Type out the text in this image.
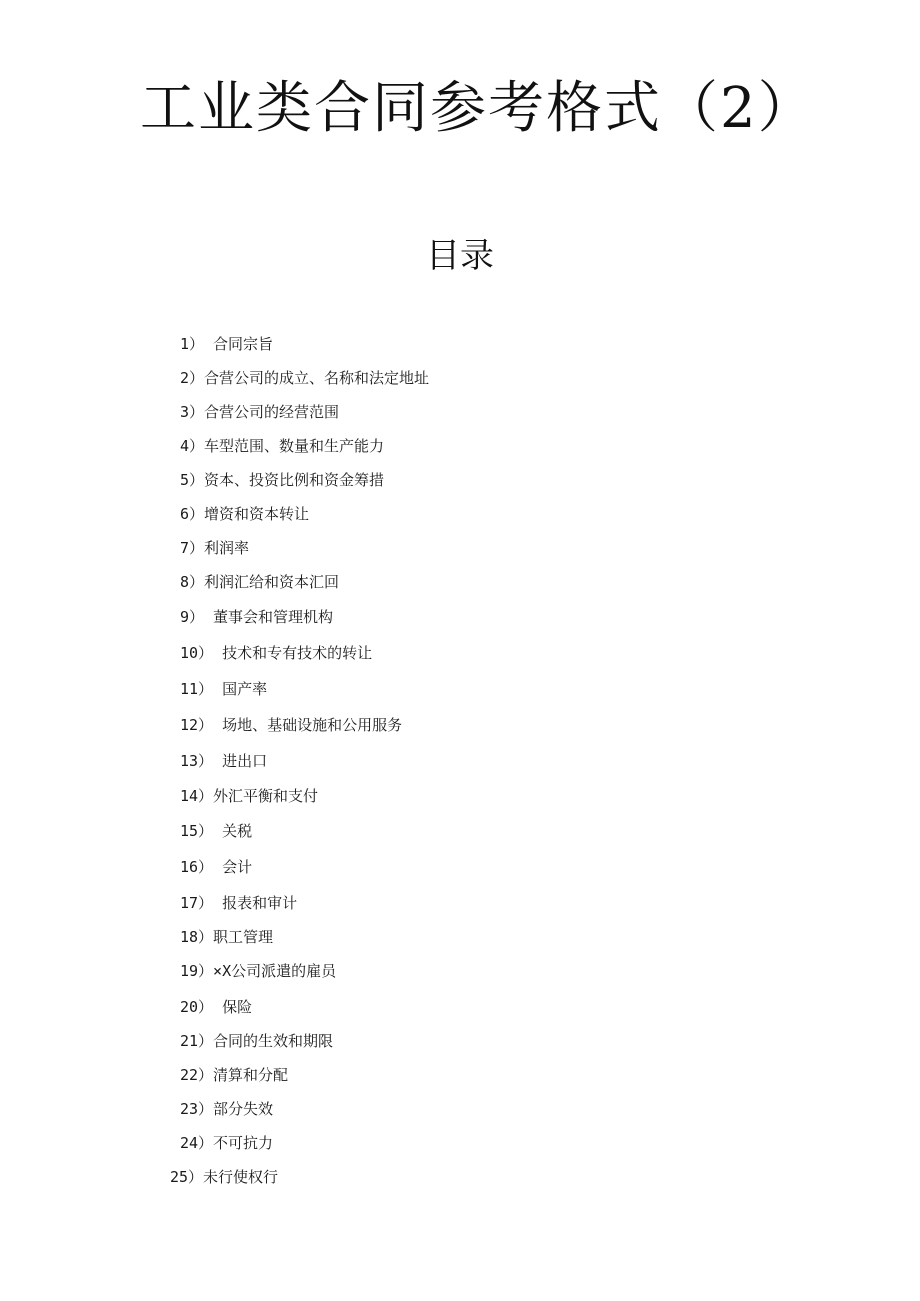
工业类合同参考格式（2）
目录
1） 合同宗旨
2）合营公司的成立、名称和法定地址
3）合营公司的经营范围
4）车型范围、数量和生产能力
5）资本、投资比例和资金筹措
6）增资和资本转让
7）利润率
8）利润汇给和资本汇回
9） 董事会和管理机构
10） 技术和专有技术的转让
11） 国产率
12） 场地、基础设施和公用服务
13） 进出口
14）外汇平衡和支付
15） 关税
16） 会计
17） 报表和审计
18）职工管理
19）×X公司派遣的雇员
20） 保险
21）合同的生效和期限
22）清算和分配
23）部分失效
24）不可抗力
25）未行使权行
